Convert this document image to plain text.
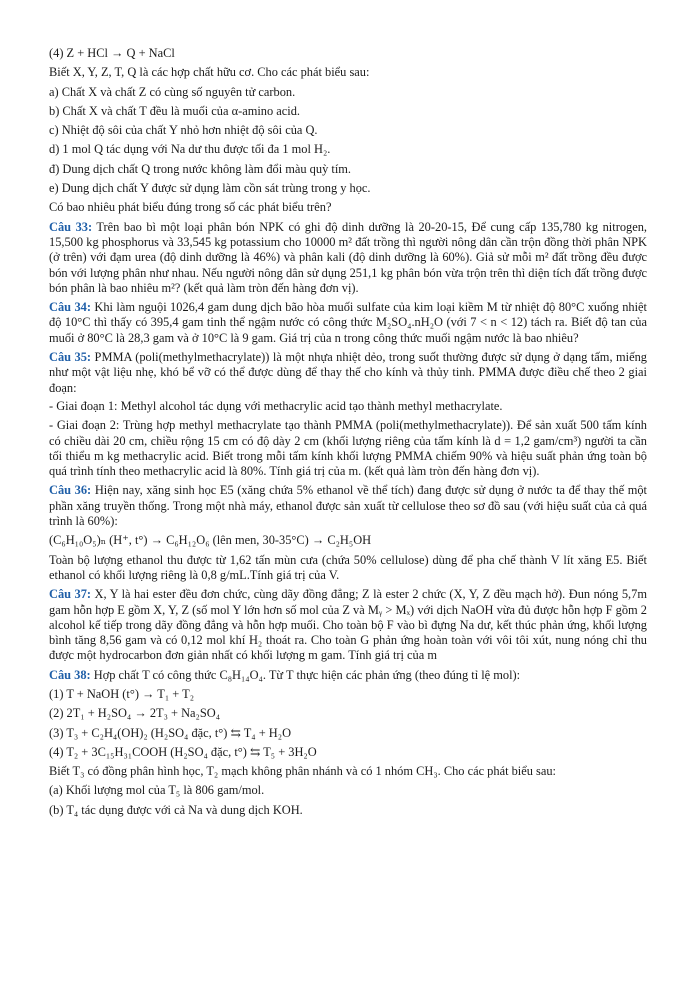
(4) Z + HCl → Q + NaCl
Biết X, Y, Z, T, Q là các hợp chất hữu cơ. Cho các phát biểu sau:
a) Chất X và chất Z có cùng số nguyên tử carbon.
b) Chất X và chất T đều là muối của α-amino acid.
c) Nhiệt độ sôi của chất Y nhỏ hơn nhiệt độ sôi của Q.
d) 1 mol Q tác dụng với Na dư thu được tối đa 1 mol H₂.
đ) Dung dịch chất Q trong nước không làm đổi màu quỳ tím.
e) Dung dịch chất Y được sử dụng làm cồn sát trùng trong y học.
Có bao nhiêu phát biểu đúng trong số các phát biểu trên?
Câu 33: Trên bao bì một loại phân bón NPK có ghi độ dinh dưỡng là 20-20-15, Để cung cấp 135,780 kg nitrogen, 15,500 kg phosphorus và 33,545 kg potassium cho 10000 m² đất trồng thì người nông dân cần trộn đồng thời phân NPK (ở trên) với đạm urea (độ dinh dưỡng là 46%) và phân kali (độ dinh dưỡng là 60%). Giả sử mỗi m² đất trồng đều được bón với lượng phân như nhau. Nếu người nông dân sử dụng 251,1 kg phân bón vừa trộn trên thì diện tích đất trồng được bón phân là bao nhiêu m²? (kết quả làm tròn đến hàng đơn vị).
Câu 34: Khi làm nguội 1026,4 gam dung dịch bão hòa muối sulfate của kim loại kiềm M từ nhiệt độ 80°C xuống nhiệt độ 10°C thì thấy có 395,4 gam tinh thể ngậm nước có công thức M₂SO₄.nH₂O (với 7 < n < 12) tách ra. Biết độ tan của muối ở 80°C là 28,3 gam và ở 10°C là 9 gam. Giá trị của n trong công thức muối ngậm nước là bao nhiêu?
Câu 35: PMMA (poli(methylmethacrylate)) là một nhựa nhiệt dẻo, trong suốt thường được sử dụng ở dạng tấm, miếng như một vật liệu nhẹ, khó bể vỡ có thể được dùng để thay thế cho kính và thủy tinh. PMMA được điều chế theo 2 giai đoạn:
- Giai đoạn 1: Methyl alcohol tác dụng với methacrylic acid tạo thành methyl methacrylate.
- Giai đoạn 2: Trùng hợp methyl methacrylate tạo thành PMMA (poli(methylmethacrylate)). Để sản xuất 500 tấm kính có chiều dài 20 cm, chiều rộng 15 cm có độ dày 2 cm (khối lượng riêng của tấm kính là d = 1,2 gam/cm³) người ta cần tối thiểu m kg methacrylic acid. Biết trong mỗi tấm kính khối lượng PMMA chiếm 90% và hiệu suất phản ứng toàn bộ quá trình tính theo methacrylic acid là 80%. Tính giá trị của m. (kết quả làm tròn đến hàng đơn vị).
Câu 36: Hiện nay, xăng sinh học E5 (xăng chứa 5% ethanol về thể tích) đang được sử dụng ở nước ta để thay thế một phần xăng truyền thống. Trong một nhà máy, ethanol được sản xuất từ cellulose theo sơ đồ sau (với hiệu suất của cả quá trình là 60%):
(C₆H₁₀O₅)ₙ (H⁺, t°) → C₆H₁₂O₆ (lên men, 30-35°C) → C₂H₅OH
Toàn bộ lượng ethanol thu được từ 1,62 tấn mùn cưa (chứa 50% cellulose) dùng để pha chế thành V lít xăng E5. Biết ethanol có khối lượng riêng là 0,8 g/mL.Tính giá trị của V.
Câu 37: X, Y là hai ester đều đơn chức, cùng dãy đồng đẳng; Z là ester 2 chức (X, Y, Z đều mạch hở). Đun nóng 5,7m gam hỗn hợp E gồm X, Y, Z (số mol Y lớn hơn số mol của Z và Mᵧ > Mₓ) với dịch NaOH vừa đủ được hỗn hợp F gồm 2 alcohol kế tiếp trong dãy đồng đẳng và hỗn hợp muối. Cho toàn bộ F vào bì đựng Na dư, kết thúc phản ứng, khối lượng bình tăng 8,56 gam và có 0,12 mol khí H₂ thoát ra. Cho toàn G phản ứng hoàn toàn với vôi tôi xút, nung nóng chỉ thu được một hydrocarbon đơn giản nhất có khối lượng m gam. Tính giá trị của m
Câu 38: Hợp chất T có công thức C₈H₁₄O₄. Từ T thực hiện các phản ứng (theo đúng tỉ lệ mol):
(1) T + NaOH (t°) → T₁ + T₂
(2) 2T₁ + H₂SO₄ → 2T₃ + Na₂SO₄
(3) T₃ + C₂H₄(OH)₂ (H₂SO₄ đặc, t°) ⇆ T₄ + H₂O
(4) T₂ + 3C₁₅H₃₁COOH (H₂SO₄ đặc, t°) ⇆ T₅ + 3H₂O
Biết T₃ có đồng phân hình học, T₂ mạch không phân nhánh và có 1 nhóm CH₃. Cho các phát biểu sau:
(a) Khối lượng mol của T₅ là 806 gam/mol.
(b) T₄ tác dụng được với cả Na và dung dịch KOH.
